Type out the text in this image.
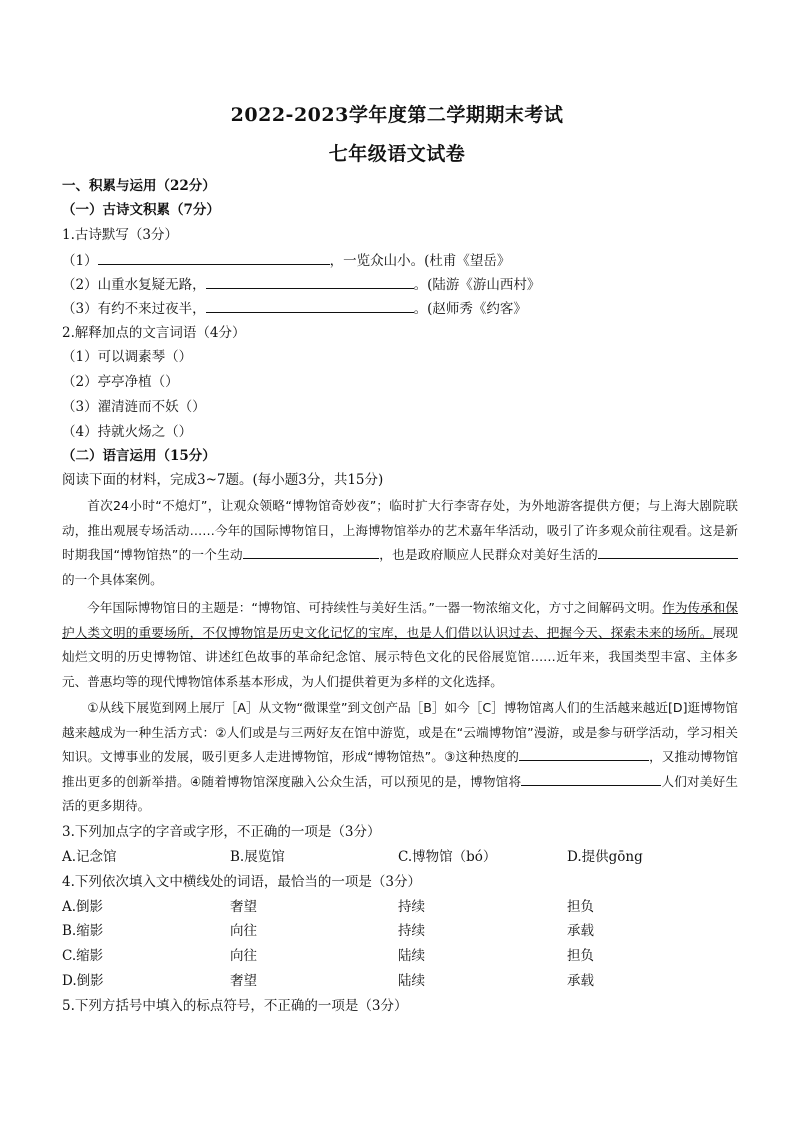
2022-2023学年度第二学期期末考试
七年级语文试卷
一、积累与运用（22分）
（一）古诗文积累（7分）
1.古诗默写（3分）
（1）	，一览众山小。(杜甫《望岳》
（2）山重水复疑无路，	。(陆游《游山西村》
（3）有约不来过夜半，	。(赵师秀《约客》
2.解释加点的文言词语（4分）
（1）可以调素琴（）
（2）亭亭净植（）
（3）濯清涟而不妖（）
（4）持就火炀之（）
（二）语言运用（15分）
阅读下面的材料，完成3~7题。(每小题3分，共15分)

首次24小时“不熄灯”，让观众领略“博物馆奇妙夜”；临时扩大行李寄存处，为外地游客提供方便；与上海大剧院联动，推出观展专场活动……今年的国际博物馆日，上海博物馆举办的艺术嘉年华活动，吸引了许多观众前往观看。这是新时期我国“博物馆热”的一个生动	，也是政府顺应人民群众对美好生活的的一个具体案例。

今年国际博物馆日的主题是：“博物馆、可持续性与美好生活。”一器一物浓缩文化，方寸之间解码文明。作为传承和保护人类文明的重要场所，不仅博物馆是历史文化记忆的宝库，也是人们借以认识过去、把握今天、探索未来的场所。展现灿烂文明的历史博物馆、讲述红色故事的革命纪念馆、展示特色文化的民俗展览馆……近年来，我国类型丰富、主体多元、普惠均等的现代博物馆体系基本形成，为人们提供着更为多样的文化选择。

①从线下展览到网上展厅［A］从文物“微课堂”到文创产品［B］如今［C］博物馆离人们的生活越来越近[D]逛博物馆越来越成为一种生活方式：②人们或是与三两好友在馆中游览，或是在“云端博物馆”漫游，或是参与研学活动，学习相关知识。文博事业的发展，吸引更多人走进博物馆，形成“博物馆热”。③这种热度的	，又推动博物馆推出更多的创新举措。④随着博物馆深度融入公众生活，可以预见的是，博物馆将	人们对美好生活的更多期待。

3.下列加点字的字音或字形，不正确的一项是（3分）
A.记念馆	B.展览馆	C.博物馆（bó）	D.提供gōng
4.下列依次填入文中横线处的词语，最恰当的一项是（3分）
A.倒影	奢望	持续	担负
B.缩影	向往	持续	承载
C.缩影	向往	陆续	担负
D.倒影	奢望	陆续	承载
5.下列方括号中填入的标点符号，不正确的一项是（3分）
